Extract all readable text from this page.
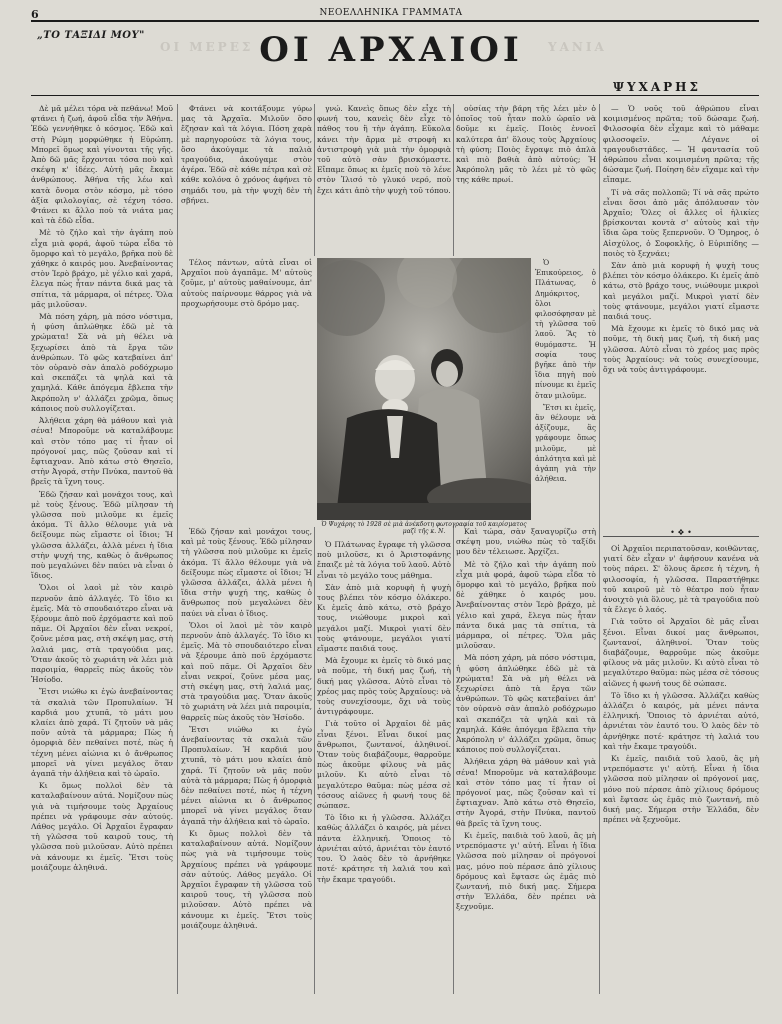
6	ΝΕΟΕΛΛΗΝΙΚΑ ΓΡΑΜΜΑΤΑ
ΟΙ ΜΕΡΕΣ	ΥΑΝΙΑ
„ΤΟ ΤΑΞΙΔΙ ΜΟΥ"	ΟΙ ΑΡΧΑΙΟΙ
ΨΥΧΑΡΗΣ

Δὲ μᾶ μέλει τόρα νὰ πεθάνω! Μοῦ φτάνει ἡ ζωή, ἀφοῦ εἶδα τὴν Ἀθήνα. Ἐδῶ γεννήθηκε ὁ κόσμος. Ἐδῶ καὶ στὴ Ρώμη μορφώθηκε ἡ Εὐρώπη. Μπορεῖ ὅμως καὶ γίνονται τῆς γῆς. Ἀπὸ δῶ μᾶς ἔρχονται τόσα ποὺ καὶ σκέψη κ' ἰδέες. Αὐτὴ μᾶς ἔκαμε ἀνθρώπους. Ἀθήνα τῆς λέω καὶ κατὰ ὄνομα στὸν κόσμο, μὲ τόσο ἀξία φιλολογίας, σὲ τέχνη τόσο. Φτάνει κι ἄλλο ποὺ τὰ νιάτα μας καὶ τὰ ἐδῶ εἶδα.

Μὲ τὸ ζήλο καὶ τὴν ἀγάπη ποὺ εἶχα μιὰ φορά, ἀφοῦ τώρα εἶδα τὸ ὄμορφο καὶ τὸ μεγάλο, βρῆκα ποὺ δὲ χάθηκε ὁ καιρός μου. Ἀνεβαίνοντας στὸν Ἱερὸ βράχο, μὲ γέλιο καὶ χαρά, ἔλεγα πὼς ἦταν πάντα δικά μας τὰ σπίτια, τὰ μάρμαρα, οἱ πέτρες. Ὅλα μᾶς μιλοῦσαν.

Μὰ πόση χάρη, μὰ πόσο νόστιμα, ἡ φύση ἀπλώθηκε ἐδῶ μὲ τὰ χρώματα! Σὰ νὰ μὴ θέλει νὰ ξεχωρίσει ἀπὸ τὰ ἔργα τῶν ἀνθρώπων. Τὸ φῶς κατεβαίνει ἀπ' τὸν οὐρανὸ σὰν ἁπαλὸ ροδόχρωμο καὶ σκεπάζει τὰ ψηλὰ καὶ τὰ χαμηλά. Κάθε ἀπόγεμα ἔβλεπα τὴν Ἀκρόπολη ν' ἀλλάζει χρῶμα, ὅπως κάποιος ποὺ συλλογίζεται.

Ἀλήθεια χάρη θὰ μάθουν καὶ γιὰ σένα! Μποροῦμε νὰ καταλάβουμε καὶ στὸν τόπο μας τί ἦταν οἱ πρόγονοί μας, πῶς ζοῦσαν καὶ τί ἔφτιαχναν. Ἀπὸ κάτω στὸ Θησεῖο, στὴν Ἀγορά, στὴν Πνύκα, παντοῦ θὰ βρεῖς τὰ ἴχνη τους.

Ἐδῶ ζήσαν καὶ μονάχοι τους, καὶ μὲ τοὺς ξένους. Ἐδῶ μίλησαν τὴ γλῶσσα ποὺ μιλοῦμε κι ἐμεῖς ἀκόμα. Τί ἄλλο θέλουμε γιὰ νὰ δείξουμε πὼς εἴμαστε οἱ ἴδιοι; Ἡ γλῶσσα ἀλλάζει, ἀλλὰ μένει ἡ ἴδια στὴν ψυχή της, καθὼς ὁ ἄνθρωπος ποὺ μεγαλώνει δὲν παύει νὰ εἶναι ὁ ἴδιος.

Ὅλοι οἱ λαοὶ μὲ τὸν καιρὸ περνοῦν ἀπὸ ἀλλαγές. Τὸ ἴδιο κι ἐμεῖς. Μὰ τὸ σπουδαιότερο εἶναι νὰ ξέρουμε ἀπὸ ποῦ ἐρχόμαστε καὶ ποῦ πᾶμε. Οἱ Ἀρχαῖοι δὲν εἶναι νεκροί, ζοῦνε μέσα μας, στὴ σκέψη μας, στὴ λαλιά μας, στὰ τραγούδια μας. Ὅταν ἀκοῦς τὸ χωριάτη νὰ λέει μιὰ παροιμία, θαρρεῖς πὼς ἀκοῦς τὸν Ἡσίοδο.

Ἔτσι νιώθω κι ἐγὼ ἀνεβαίνοντας τὰ σκαλιὰ τῶν Προπυλαίων. Ἡ καρδιά μου χτυπᾶ, τὸ μάτι μου κλαίει ἀπὸ χαρά. Τί ζητοῦν νὰ μᾶς ποῦν αὐτὰ τὰ μάρμαρα; Πὼς ἡ ὀμορφιὰ δὲν πεθαίνει ποτέ, πὼς ἡ τέχνη μένει αἰώνια κι ὁ ἄνθρωπος μπορεῖ νὰ γίνει μεγάλος ὅταν ἀγαπᾶ τὴν ἀλήθεια καὶ τὸ ὡραῖο.

Κι ὅμως πολλοὶ δὲν τὰ καταλαβαίνουν αὐτά. Νομίζουν πὼς γιὰ νὰ τιμήσουμε τοὺς Ἀρχαίους πρέπει νὰ γράφουμε σὰν αὐτούς. Λάθος μεγάλο. Οἱ Ἀρχαῖοι ἔγραφαν τὴ γλῶσσα τοῦ καιροῦ τους, τὴ γλῶσσα ποὺ μιλοῦσαν. Αὐτὸ πρέπει νὰ κάνουμε κι ἐμεῖς. Ἔτσι τοὺς μοιάζουμε ἀληθινά.

Φτάνει νὰ κοιτάξουμε γύρω μας τὰ Ἀρχαῖα. Μιλοῦν ὅσο ἔζησαν καὶ τὰ λόγια. Πόση χαρὰ μὲ παρηγορούσε τὰ λόγια τους, ὅσο ἀκούγαμε τὰ παλιὰ τραγούδια, ἀκούγαμε στὸν ἀγέρα. Ἐδῶ σὲ κάθε πέτρα καὶ σὲ κάθε κολόνα ὁ χρόνος ἀφήνει τὸ σημάδι του, μὰ τὴν ψυχὴ δὲν τὴ σβήνει.

Τέλος πάντων, αὐτὰ εἶναι οἱ Ἀρχαῖοι ποὺ ἀγαπᾶμε. Μ' αὐτοὺς ζοῦμε, μ' αὐτοὺς μαθαίνουμε, ἀπ' αὐτοὺς παίρνουμε θάρρος γιὰ νὰ προχωρήσουμε στὸ δρόμο μας.

γνώ. Κανεὶς ὅπως δὲν εἶχε τὴ φωνή του, κανεὶς δὲν εἶχε τὸ πάθος του ἢ τὴν ἀγάπη. Εὔκολα κάνει τὴν ἄρμα μὲ στροφὴ κι ἀντιστροφὴ γιὰ μιὰ τὴν ὀμορφιὰ τοῦ αὐτὸ σὰν βρισκόμαστε. Εἴπαμε ὅπως κι ἐμεῖς ποὺ τὸ λένε στὸν Ἰλισό τὸ γλυκό νερό, ποὺ ἔχει κάτι ἀπὸ τὴν ψυχὴ τοῦ τόπου.

οὐσίας τὴν βάρη τῆς λέει μὲν ὁ ὁποῖος τοῦ ἦταν πολὺ ὡραῖο νὰ δοῦμε κι ἐμεῖς. Ποιὸς ἐννοεῖ καλύτερα ἀπ' ὅλους τοὺς Ἀρχαίους τὴ φύση; Ποιὸς ἔγραψε πιὸ ἁπλὰ καὶ πιὸ βαθιὰ ἀπὸ αὐτούς; Ἡ Ἀκρόπολη μᾶς τὸ λέει μὲ τὸ φῶς της κάθε πρωί.

Ὁ Ἐπικούρειος, ὁ Πλάτωνας, ὁ Δημόκριτος, ὅλοι φιλοσόφησαν μὲ τὴ γλῶσσα τοῦ λαοῦ. Ἂς τὸ θυμόμαστε. Ἡ σοφία τους βγῆκε ἀπὸ τὴν ἴδια πηγὴ ποὺ πίνουμε κι ἐμεῖς ὅταν μιλοῦμε.

Ἔτσι κι ἐμεῖς, ἂν θέλουμε νὰ ἀξίζουμε, ἂς γράφουμε ὅπως μιλοῦμε, μὲ ἁπλότητα καὶ μὲ ἀγάπη γιὰ τὴν ἀλήθεια.

Ὁ Ψυχάρης τὸ 1928 σὲ μιὰ ἀνέκδοτη φωτογραφία τοῦ καιρίσματος μαζὶ τῆς κ. Ν.

Ἐδῶ ζήσαν καὶ μονάχοι τους, καὶ μὲ τοὺς ξένους. Ἐδῶ μίλησαν τὴ γλῶσσα ποὺ μιλοῦμε κι ἐμεῖς ἀκόμα. Τί ἄλλο θέλουμε γιὰ νὰ δείξουμε πὼς εἴμαστε οἱ ἴδιοι; Ἡ γλῶσσα ἀλλάζει, ἀλλὰ μένει ἡ ἴδια στὴν ψυχή της, καθὼς ὁ ἄνθρωπος ποὺ μεγαλώνει δὲν παύει νὰ εἶναι ὁ ἴδιος.

Ὅλοι οἱ λαοὶ μὲ τὸν καιρὸ περνοῦν ἀπὸ ἀλλαγές. Τὸ ἴδιο κι ἐμεῖς. Μὰ τὸ σπουδαιότερο εἶναι νὰ ξέρουμε ἀπὸ ποῦ ἐρχόμαστε καὶ ποῦ πᾶμε. Οἱ Ἀρχαῖοι δὲν εἶναι νεκροί, ζοῦνε μέσα μας, στὴ σκέψη μας, στὴ λαλιά μας, στὰ τραγούδια μας. Ὅταν ἀκοῦς τὸ χωριάτη νὰ λέει μιὰ παροιμία, θαρρεῖς πὼς ἀκοῦς τὸν Ἡσίοδο.

Ἔτσι νιώθω κι ἐγὼ ἀνεβαίνοντας τὰ σκαλιὰ τῶν Προπυλαίων. Ἡ καρδιά μου χτυπᾶ, τὸ μάτι μου κλαίει ἀπὸ χαρά. Τί ζητοῦν νὰ μᾶς ποῦν αὐτὰ τὰ μάρμαρα; Πὼς ἡ ὀμορφιὰ δὲν πεθαίνει ποτέ, πὼς ἡ τέχνη μένει αἰώνια κι ὁ ἄνθρωπος μπορεῖ νὰ γίνει μεγάλος ὅταν ἀγαπᾶ τὴν ἀλήθεια καὶ τὸ ὡραῖο.

Κι ὅμως πολλοὶ δὲν τὰ καταλαβαίνουν αὐτά. Νομίζουν πὼς γιὰ νὰ τιμήσουμε τοὺς Ἀρχαίους πρέπει νὰ γράφουμε σὰν αὐτούς. Λάθος μεγάλο. Οἱ Ἀρχαῖοι ἔγραφαν τὴ γλῶσσα τοῦ καιροῦ τους, τὴ γλῶσσα ποὺ μιλοῦσαν. Αὐτὸ πρέπει νὰ κάνουμε κι ἐμεῖς. Ἔτσι τοὺς μοιάζουμε ἀληθινά.

Ὁ Πλάτωνας ἔγραφε τὴ γλῶσσα ποὺ μιλοῦσε, κι ὁ Ἀριστοφάνης ἔπαιζε μὲ τὰ λόγια τοῦ λαοῦ. Αὐτὸ εἶναι τὸ μεγάλο τους μάθημα.

Σὰν ἀπὸ μιὰ κορυφὴ ἡ ψυχὴ τους βλέπει τὸν κόσμο ὁλάκερο. Κι ἐμεῖς ἀπὸ κάτω, στὸ βράχο τους, νιώθουμε μικροὶ καὶ μεγάλοι μαζί. Μικροὶ γιατί δὲν τοὺς φτάνουμε, μεγάλοι γιατί εἴμαστε παιδιά τους.

Μὰ ἔχουμε κι ἐμεῖς τὸ δικό μας νὰ ποῦμε, τὴ δική μας ζωή, τὴ δική μας γλῶσσα. Αὐτὸ εἶναι τὸ χρέος μας πρὸς τοὺς Ἀρχαίους: νὰ τοὺς συνεχίσουμε, ὄχι νὰ τοὺς ἀντιγράφουμε.

Γιὰ τοῦτο οἱ Ἀρχαῖοι δὲ μᾶς εἶναι ξένοι. Εἶναι δικοί μας ἄνθρωποι, ζωντανοί, ἀληθινοί. Ὅταν τοὺς διαβάζουμε, θαρροῦμε πὼς ἀκοῦμε φίλους νὰ μᾶς μιλοῦν. Κι αὐτὸ εἶναι τὸ μεγαλύτερο θαῦμα: πὼς μέσα σὲ τόσους αἰῶνες ἡ φωνή τους δὲ σώπασε.

Τὸ ἴδιο κι ἡ γλῶσσα. Ἀλλάζει καθὼς ἀλλάζει ὁ καιρός, μὰ μένει πάντα ἑλληνική. Ὅποιος τὸ ἀρνιέται αὐτό, ἀρνιέται τὸν ἑαυτό του. Ὁ λαὸς δὲν τὸ ἀρνήθηκε ποτέ· κράτησε τὴ λαλιά του καὶ τὴν ἔκαμε τραγούδι.

Καὶ τώρα, σὰν ξαναγυρίζω στὴ σκέψη μου, νιώθω πὼς τὸ ταξίδι μου δὲν τέλειωσε. Ἀρχίζει.

Μὲ τὸ ζήλο καὶ τὴν ἀγάπη ποὺ εἶχα μιὰ φορά, ἀφοῦ τώρα εἶδα τὸ ὄμορφο καὶ τὸ μεγάλο, βρῆκα ποὺ δὲ χάθηκε ὁ καιρός μου. Ἀνεβαίνοντας στὸν Ἱερὸ βράχο, μὲ γέλιο καὶ χαρά, ἔλεγα πὼς ἦταν πάντα δικά μας τὰ σπίτια, τὰ μάρμαρα, οἱ πέτρες. Ὅλα μᾶς μιλοῦσαν.

Μὰ πόση χάρη, μὰ πόσο νόστιμα, ἡ φύση ἀπλώθηκε ἐδῶ μὲ τὰ χρώματα! Σὰ νὰ μὴ θέλει νὰ ξεχωρίσει ἀπὸ τὰ ἔργα τῶν ἀνθρώπων. Τὸ φῶς κατεβαίνει ἀπ' τὸν οὐρανὸ σὰν ἁπαλὸ ροδόχρωμο καὶ σκεπάζει τὰ ψηλὰ καὶ τὰ χαμηλά. Κάθε ἀπόγεμα ἔβλεπα τὴν Ἀκρόπολη ν' ἀλλάζει χρῶμα, ὅπως κάποιος ποὺ συλλογίζεται.

Ἀλήθεια χάρη θὰ μάθουν καὶ γιὰ σένα! Μποροῦμε νὰ καταλάβουμε καὶ στὸν τόπο μας τί ἦταν οἱ πρόγονοί μας, πῶς ζοῦσαν καὶ τί ἔφτιαχναν. Ἀπὸ κάτω στὸ Θησεῖο, στὴν Ἀγορά, στὴν Πνύκα, παντοῦ θὰ βρεῖς τὰ ἴχνη τους.

Κι ἐμεῖς, παιδιὰ τοῦ λαοῦ, ἂς μὴ ντρεπόμαστε γι' αὐτή. Εἶναι ἡ ἴδια γλῶσσα ποὺ μίλησαν οἱ πρόγονοί μας, μόνο ποὺ πέρασε ἀπὸ χίλιους δρόμους καὶ ἔφτασε ὡς ἐμᾶς πιὸ ζωντανή, πιὸ δική μας. Σήμερα στὴν Ἑλλάδα, δὲν πρέπει νὰ ξεχνοῦμε.

— Ὁ νοῦς τοῦ ἀθρώπου εἶναι κοιμισμένος πρῶτα; τοῦ δώσαμε ζωή. Φιλοσοφία δὲν εἶχαμε καὶ τὸ μάθαμε φιλοσοφεῖν. — Λέγανε οἱ τραγουδιστάδες. — Ἡ φαντασία τοῦ ἀθρώπου εἶναι κοιμισμένη πρῶτα; τῆς δώσαμε ζωή. Ποίηση δὲν εἴχαμε καὶ τὴν εἴπαμε.

Τί νὰ σᾶς πολλοπῶ; Τί νὰ σᾶς πρώτο εἶναι ὅσοι ἀπὸ μᾶς ἀπόλαυσαν τὸν Ἀρχαῖο; Ὅλες οἱ ἄλλες οἱ ἡλικίες βρίσκονται κοντὰ σ' αὐτοὺς καὶ τὴν ἴδια ὥρα τοὺς ξεπερνοῦν. Ὁ Ὅμηρος, ὁ Αἰσχύλος, ὁ Σοφοκλῆς, ὁ Εὐριπίδης — ποιὸς τὸ ξεχνάει;

Σὰν ἀπὸ μιὰ κορυφὴ ἡ ψυχὴ τους βλέπει τὸν κόσμο ὁλάκερο. Κι ἐμεῖς ἀπὸ κάτω, στὸ βράχο τους, νιώθουμε μικροὶ καὶ μεγάλοι μαζί. Μικροὶ γιατί δὲν τοὺς φτάνουμε, μεγάλοι γιατί εἴμαστε παιδιά τους.

Μὰ ἔχουμε κι ἐμεῖς τὸ δικό μας νὰ ποῦμε, τὴ δική μας ζωή, τὴ δική μας γλῶσσα. Αὐτὸ εἶναι τὸ χρέος μας πρὸς τοὺς Ἀρχαίους: νὰ τοὺς συνεχίσουμε, ὄχι νὰ τοὺς ἀντιγράφουμε.

• ❖ •

Οἱ Ἀρχαῖοι περιπατοῦσαν, κοιθῶντας, γιατί δὲν εἶχαν ν' ἀφήσουν κανένα νὰ τοὺς πάρει. Σ' ὅλους ἄρεσε ἡ τέχνη, ἡ φιλοσοφία, ἡ γλῶσσα. Παραστήθηκε τοῦ καιροῦ μὲ τὸ θέατρο ποὺ ἦταν ἀνοιχτὸ γιὰ ὅλους, μὲ τὰ τραγούδια ποὺ τὰ ἔλεγε ὁ λαός.

Γιὰ τοῦτο οἱ Ἀρχαῖοι δὲ μᾶς εἶναι ξένοι. Εἶναι δικοί μας ἄνθρωποι, ζωντανοί, ἀληθινοί. Ὅταν τοὺς διαβάζουμε, θαρροῦμε πὼς ἀκοῦμε φίλους νὰ μᾶς μιλοῦν. Κι αὐτὸ εἶναι τὸ μεγαλύτερο θαῦμα: πὼς μέσα σὲ τόσους αἰῶνες ἡ φωνή τους δὲ σώπασε.

Τὸ ἴδιο κι ἡ γλῶσσα. Ἀλλάζει καθὼς ἀλλάζει ὁ καιρός, μὰ μένει πάντα ἑλληνική. Ὅποιος τὸ ἀρνιέται αὐτό, ἀρνιέται τὸν ἑαυτό του. Ὁ λαὸς δὲν τὸ ἀρνήθηκε ποτέ· κράτησε τὴ λαλιά του καὶ τὴν ἔκαμε τραγούδι.

Κι ἐμεῖς, παιδιὰ τοῦ λαοῦ, ἂς μὴ ντρεπόμαστε γι' αὐτή. Εἶναι ἡ ἴδια γλῶσσα ποὺ μίλησαν οἱ πρόγονοί μας, μόνο ποὺ πέρασε ἀπὸ χίλιους δρόμους καὶ ἔφτασε ὡς ἐμᾶς πιὸ ζωντανή, πιὸ δική μας. Σήμερα στὴν Ἑλλάδα, δὲν πρέπει νὰ ξεχνοῦμε.
